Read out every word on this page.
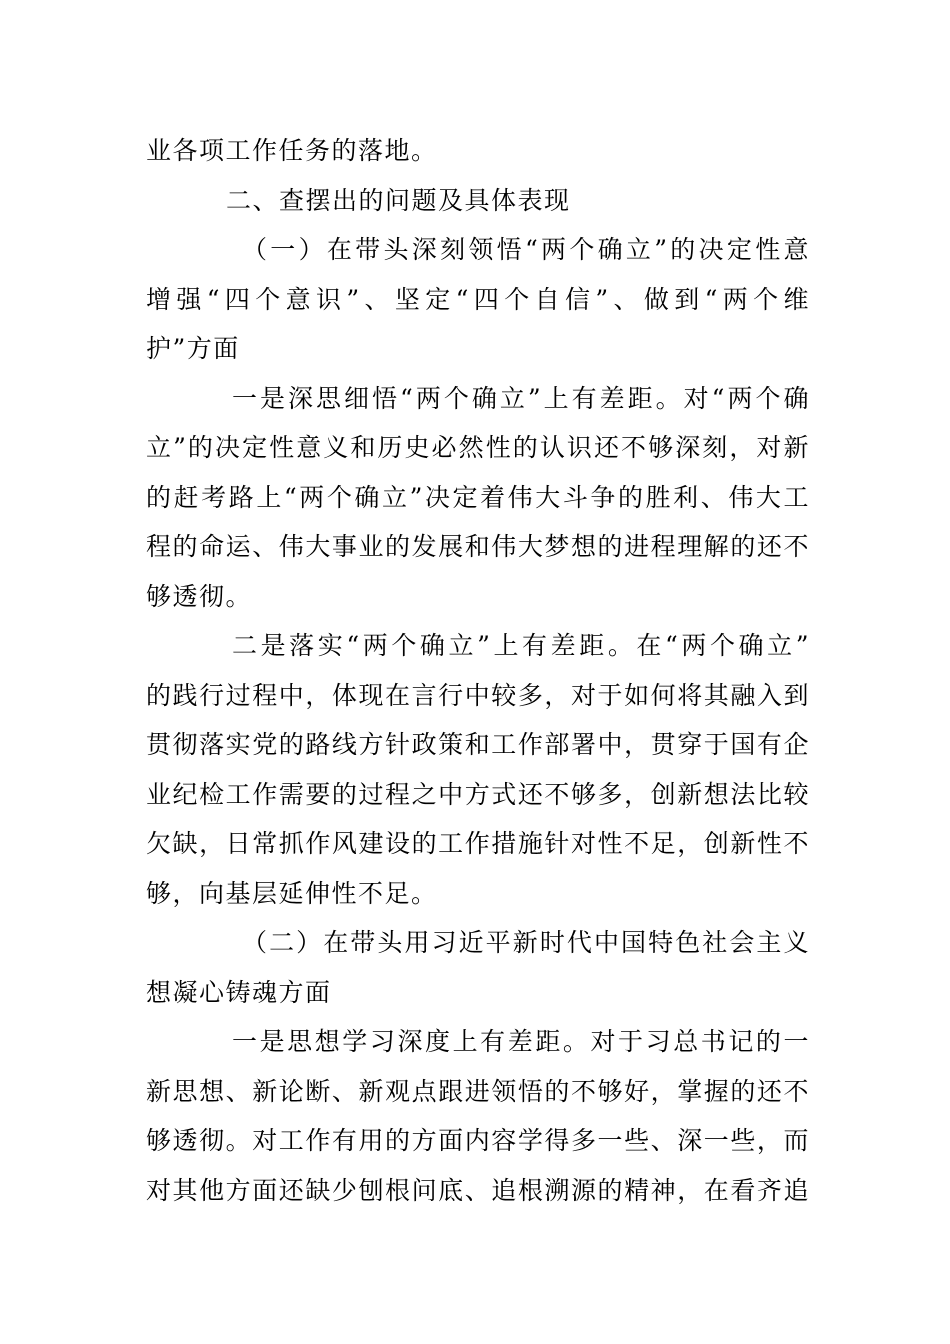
业各项工作任务的落地。
二、查摆出的问题及具体表现
（一）在带头深刻领悟“两个确立”的决定性意
增强“四个意识”、坚定“四个自信”、做到“两个维
护”方面
一是深思细悟“两个确立”上有差距。对“两个确
立”的决定性意义和历史必然性的认识还不够深刻，对新
的赶考路上“两个确立”决定着伟大斗争的胜利、伟大工
程的命运、伟大事业的发展和伟大梦想的进程理解的还不
够透彻。
二是落实“两个确立”上有差距。在“两个确立”
的践行过程中，体现在言行中较多，对于如何将其融入到
贯彻落实党的路线方针政策和工作部署中，贯穿于国有企
业纪检工作需要的过程之中方式还不够多，创新想法比较
欠缺，日常抓作风建设的工作措施针对性不足，创新性不
够，向基层延伸性不足。
（二）在带头用习近平新时代中国特色社会主义
想凝心铸魂方面
一是思想学习深度上有差距。对于习总书记的一
新思想、新论断、新观点跟进领悟的不够好，掌握的还不
够透彻。对工作有用的方面内容学得多一些、深一些，而
对其他方面还缺少刨根问底、追根溯源的精神，在看齐追
